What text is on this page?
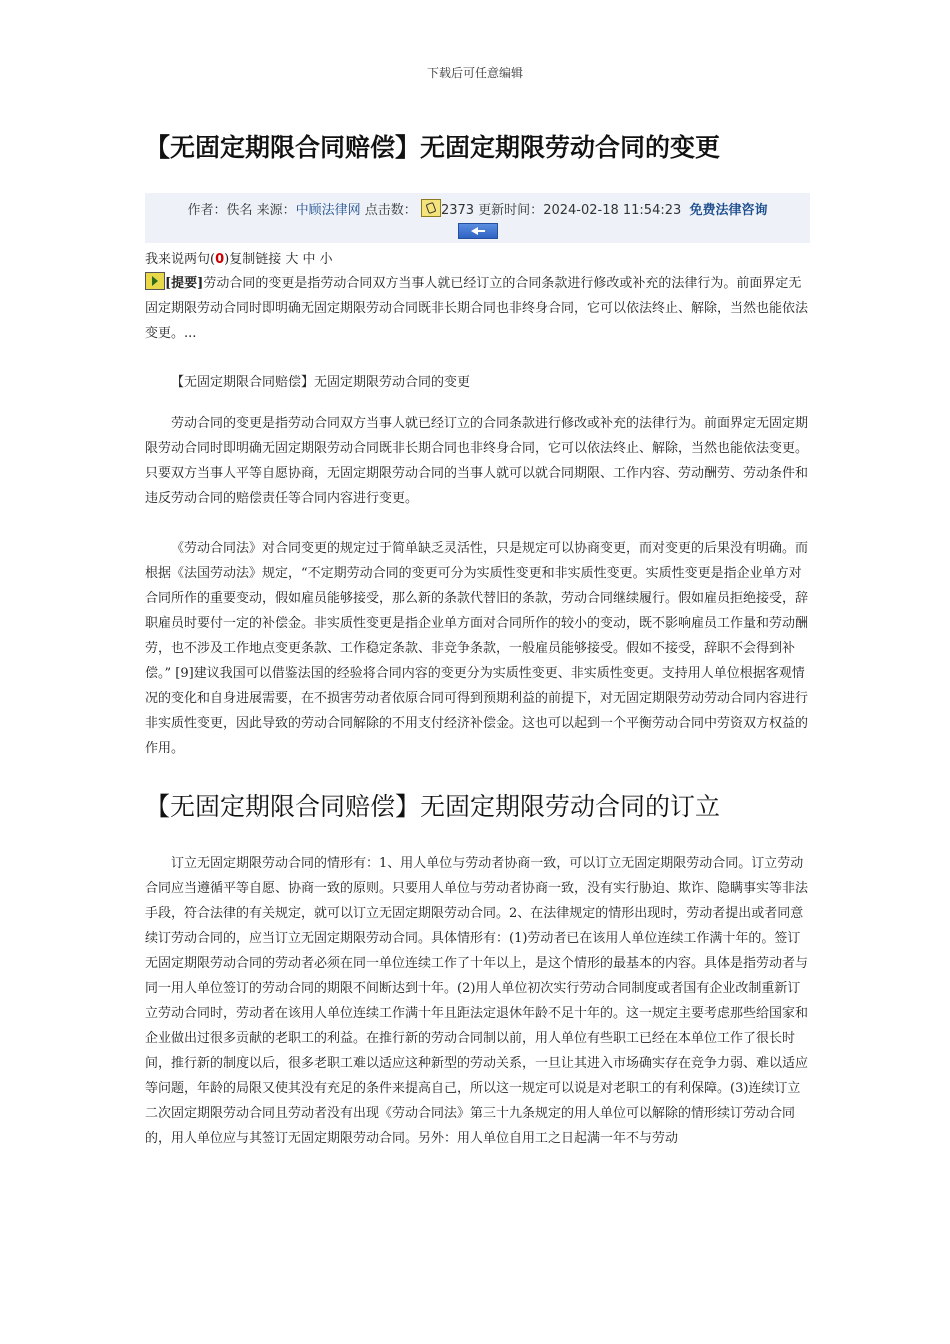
下载后可任意编辑
【无固定期限合同赔偿】无固定期限劳动合同的变更
作者：佚名 来源：中顾法律网 点击数： 2373 更新时间：2024-02-18 11:54:23 免费法律咨询
我来说两句(0)复制链接 大 中 小
[提要]劳动合同的变更是指劳动合同双方当事人就已经订立的合同条款进行修改或补充的法律行为。前面界定无固定期限劳动合同时即明确无固定期限劳动合同既非长期合同也非终身合同，它可以依法终止、解除，当然也能依法变更。...

【无固定期限合同赔偿】无固定期限劳动合同的变更

劳动合同的变更是指劳动合同双方当事人就已经订立的合同条款进行修改或补充的法律行为。前面界定无固定期限劳动合同时即明确无固定期限劳动合同既非长期合同也非终身合同，它可以依法终止、解除，当然也能依法变更。只要双方当事人平等自愿协商，无固定期限劳动合同的当事人就可以就合同期限、工作内容、劳动酬劳、劳动条件和违反劳动合同的赔偿责任等合同内容进行变更。

《劳动合同法》对合同变更的规定过于简单缺乏灵活性，只是规定可以协商变更，而对变更的后果没有明确。而根据《法国劳动法》规定，“不定期劳动合同的变更可分为实质性变更和非实质性变更。实质性变更是指企业单方对合同所作的重要变动，假如雇员能够接受，那么新的条款代替旧的条款，劳动合同继续履行。假如雇员拒绝接受，辞职雇员时要付一定的补偿金。非实质性变更是指企业单方面对合同所作的较小的变动，既不影响雇员工作量和劳动酬劳，也不涉及工作地点变更条款、工作稳定条款、非竞争条款，一般雇员能够接受。假如不接受，辞职不会得到补偿。” [9]建议我国可以借鉴法国的经验将合同内容的变更分为实质性变更、非实质性变更。支持用人单位根据客观情况的变化和自身进展需要，在不损害劳动者依原合同可得到预期利益的前提下，对无固定期限劳动劳动合同内容进行非实质性变更，因此导致的劳动合同解除的不用支付经济补偿金。这也可以起到一个平衡劳动合同中劳资双方权益的作用。

【无固定期限合同赔偿】无固定期限劳动合同的订立

订立无固定期限劳动合同的情形有：1、用人单位与劳动者协商一致，可以订立无固定期限劳动合同。订立劳动合同应当遵循平等自愿、协商一致的原则。只要用人单位与劳动者协商一致，没有实行胁迫、欺诈、隐瞒事实等非法手段，符合法律的有关规定，就可以订立无固定期限劳动合同。2、在法律规定的情形出现时，劳动者提出或者同意续订劳动合同的，应当订立无固定期限劳动合同。具体情形有：(1)劳动者已在该用人单位连续工作满十年的。签订无固定期限劳动合同的劳动者必须在同一单位连续工作了十年以上，是这个情形的最基本的内容。具体是指劳动者与同一用人单位签订的劳动合同的期限不间断达到十年。(2)用人单位初次实行劳动合同制度或者国有企业改制重新订立劳动合同时，劳动者在该用人单位连续工作满十年且距法定退休年龄不足十年的。这一规定主要考虑那些给国家和企业做出过很多贡献的老职工的利益。在推行新的劳动合同制以前，用人单位有些职工已经在本单位工作了很长时间，推行新的制度以后，很多老职工难以适应这种新型的劳动关系，一旦让其进入市场确实存在竞争力弱、难以适应等问题，年龄的局限又使其没有充足的条件来提高自己，所以这一规定可以说是对老职工的有利保障。(3)连续订立二次固定期限劳动合同且劳动者没有出现《劳动合同法》第三十九条规定的用人单位可以解除的情形续订劳动合同的，用人单位应与其签订无固定期限劳动合同。另外：用人单位自用工之日起满一年不与劳动
